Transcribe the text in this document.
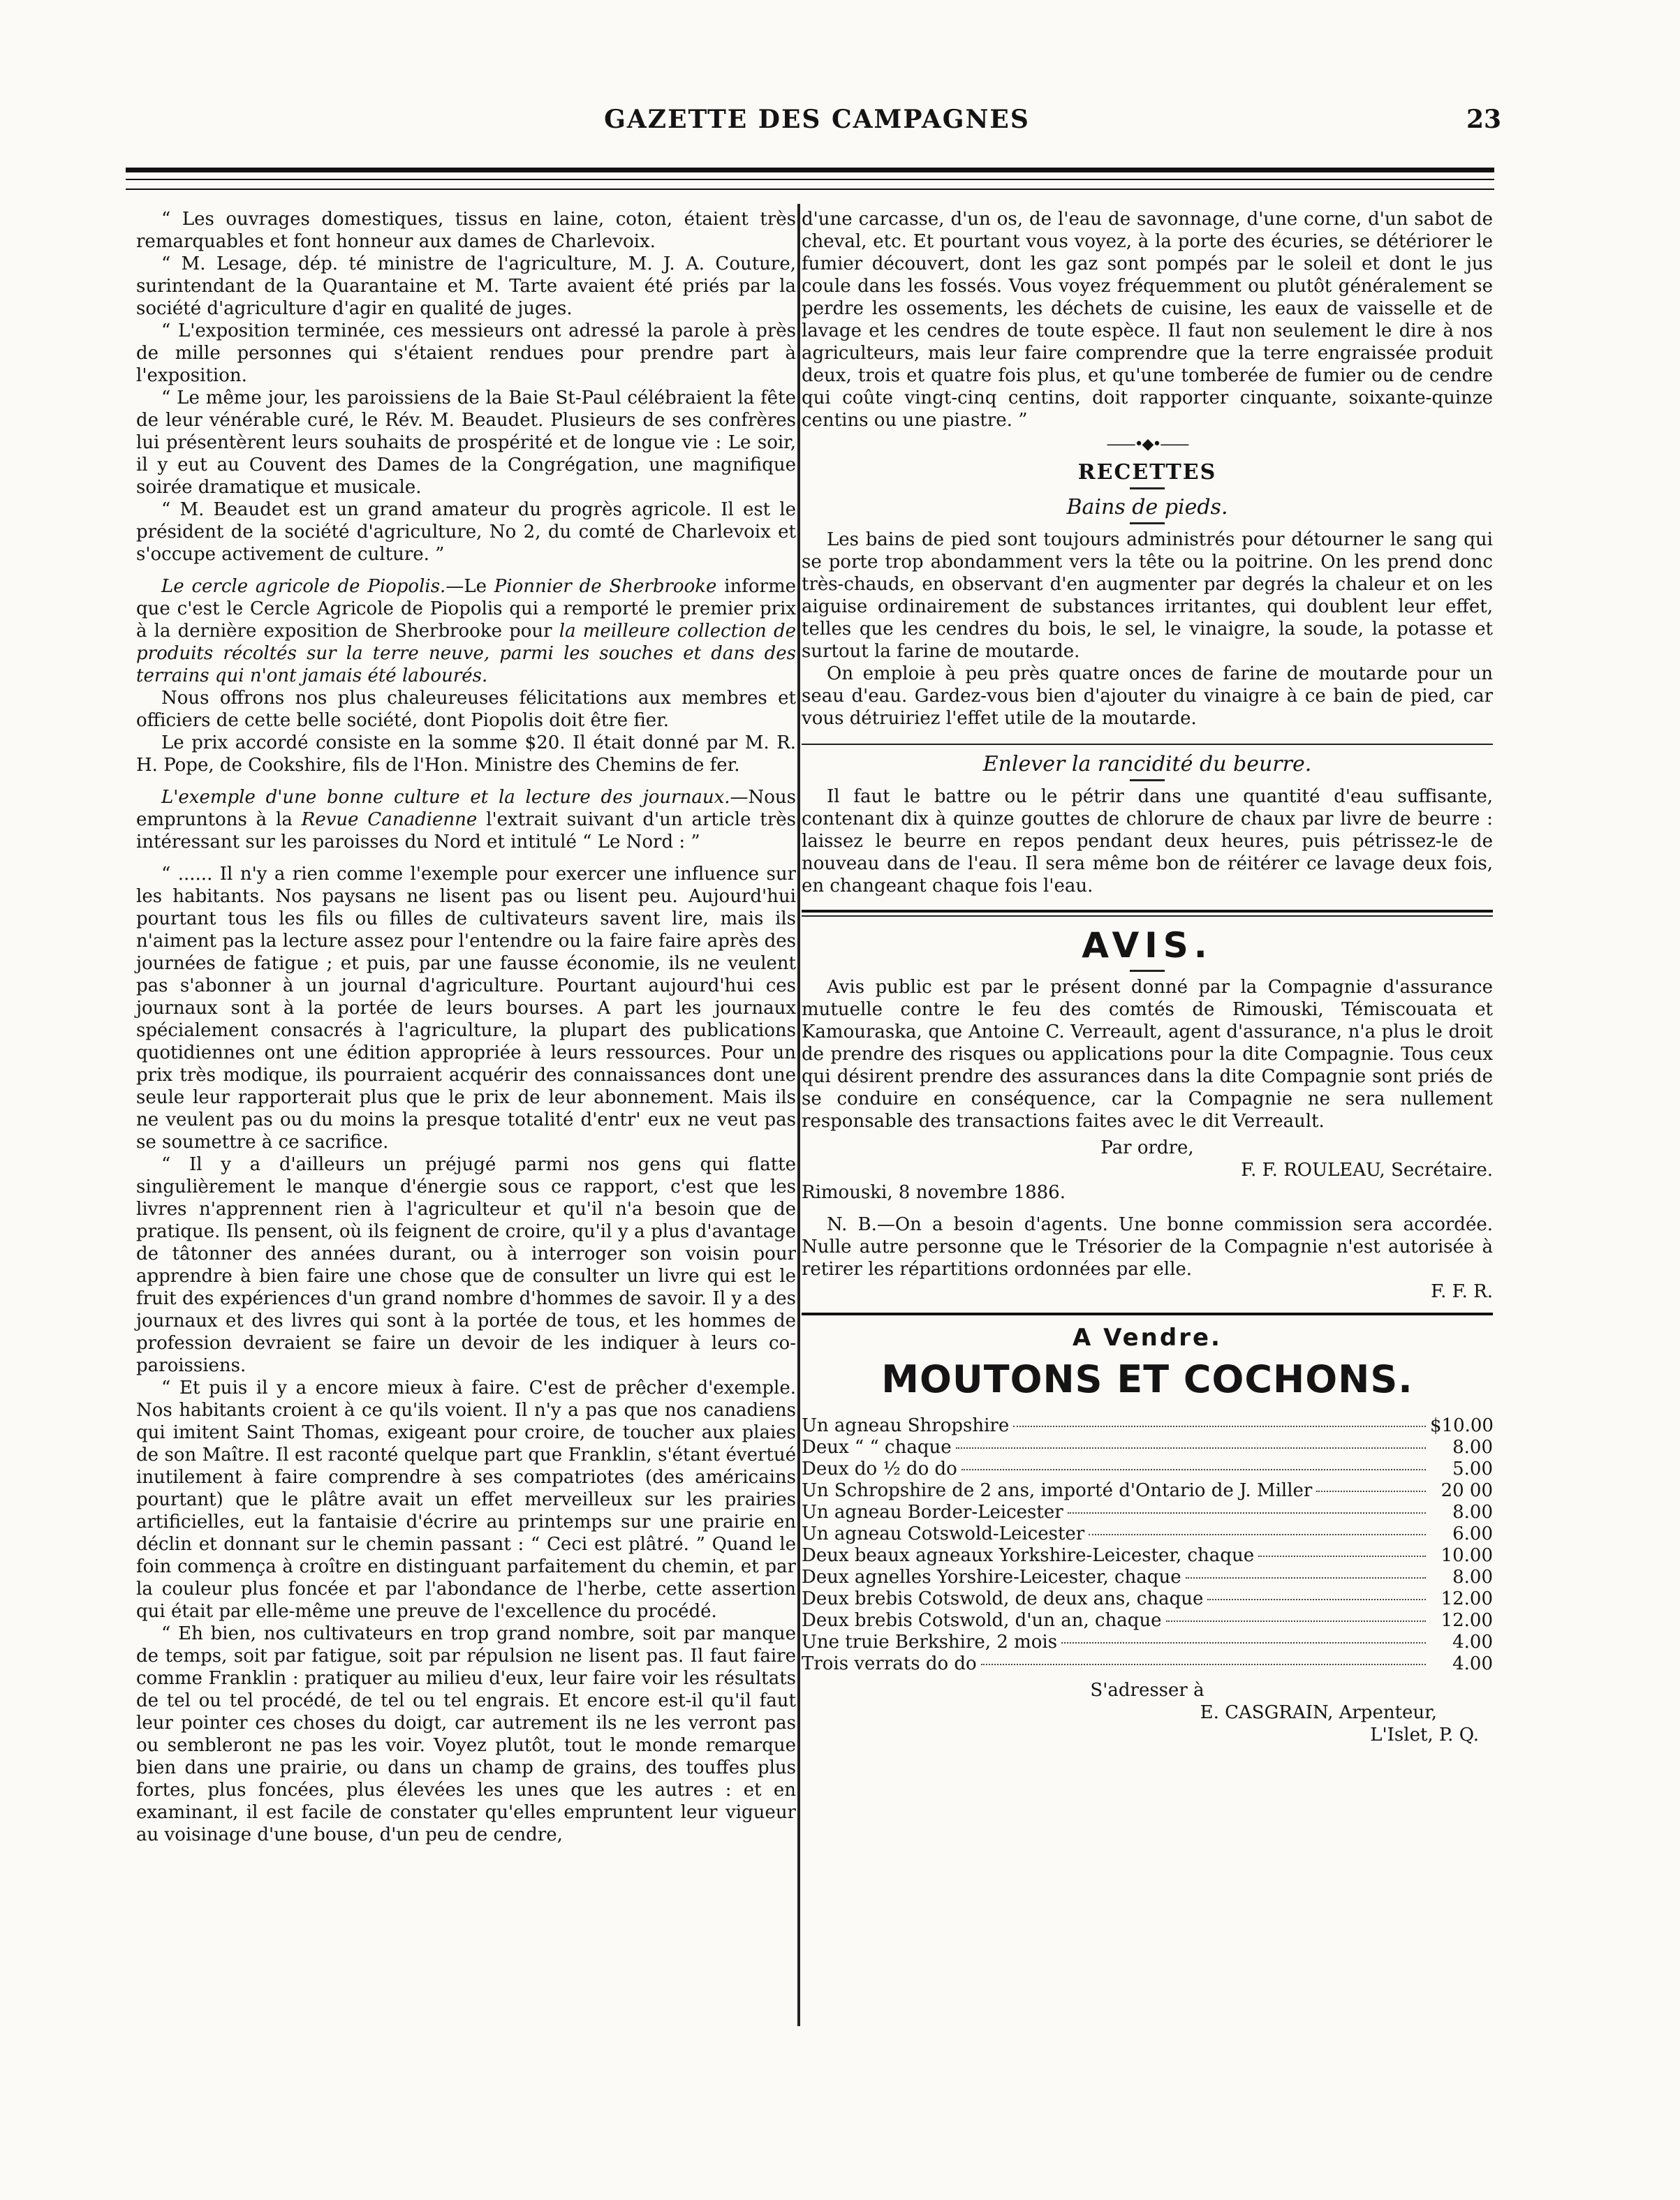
GAZETTE DES CAMPAGNES	23

“ Les ouvrages domestiques, tissus en laine, coton, étaient très remarquables et font honneur aux dames de Charlevoix.

“ M. Lesage, dép. té ministre de l'agriculture, M. J. A. Couture, surintendant de la Quarantaine et M. Tarte avaient été priés par la société d'agriculture d'agir en qualité de juges.

“ L'exposition terminée, ces messieurs ont adressé la parole à près de mille personnes qui s'étaient rendues pour prendre part à l'exposition.

“ Le même jour, les paroissiens de la Baie St-Paul célébraient la fête de leur vénérable curé, le Rév. M. Beaudet. Plusieurs de ses confrères lui présentèrent leurs souhaits de prospérité et de longue vie : Le soir, il y eut au Couvent des Dames de la Congrégation, une magnifique soirée dramatique et musicale.

“ M. Beaudet est un grand amateur du progrès agricole. Il est le président de la société d'agriculture, No 2, du comté de Charlevoix et s'occupe activement de culture. ”

Le cercle agricole de Piopolis.—Le Pionnier de Sherbrooke informe que c'est le Cercle Agricole de Piopolis qui a remporté le premier prix à la dernière exposition de Sherbrooke pour la meilleure collection de produits récoltés sur la terre neuve, parmi les souches et dans des terrains qui n'ont jamais été labourés.

Nous offrons nos plus chaleureuses félicitations aux membres et officiers de cette belle société, dont Piopolis doit être fier.

Le prix accordé consiste en la somme $20. Il était donné par M. R. H. Pope, de Cookshire, fils de l'Hon. Ministre des Chemins de fer.

L'exemple d'une bonne culture et la lecture des journaux.—Nous empruntons à la Revue Canadienne l'extrait suivant d'un article très intéressant sur les paroisses du Nord et intitulé “ Le Nord : ”

“ ...... Il n'y a rien comme l'exemple pour exercer une influence sur les habitants. Nos paysans ne lisent pas ou lisent peu. Aujourd'hui pourtant tous les fils ou filles de cultivateurs savent lire, mais ils n'aiment pas la lecture assez pour l'entendre ou la faire faire après des journées de fatigue ; et puis, par une fausse économie, ils ne veulent pas s'abonner à un journal d'agriculture. Pourtant aujourd'hui ces journaux sont à la portée de leurs bourses. A part les journaux spécialement consacrés à l'agriculture, la plupart des publications quotidiennes ont une édition appropriée à leurs ressources. Pour un prix très modique, ils pourraient acquérir des connaissances dont une seule leur rapporterait plus que le prix de leur abonnement. Mais ils ne veulent pas ou du moins la presque totalité d'entr' eux ne veut pas se soumettre à ce sacrifice.

“ Il y a d'ailleurs un préjugé parmi nos gens qui flatte singulièrement le manque d'énergie sous ce rapport, c'est que les livres n'apprennent rien à l'agriculteur et qu'il n'a besoin que de pratique. Ils pensent, où ils feignent de croire, qu'il y a plus d'avantage de tâtonner des années durant, ou à interroger son voisin pour apprendre à bien faire une chose que de consulter un livre qui est le fruit des expériences d'un grand nombre d'hommes de savoir. Il y a des journaux et des livres qui sont à la portée de tous, et les hommes de profession devraient se faire un devoir de les indiquer à leurs co-paroissiens.

“ Et puis il y a encore mieux à faire. C'est de prêcher d'exemple. Nos habitants croient à ce qu'ils voient. Il n'y a pas que nos canadiens qui imitent Saint Thomas, exigeant pour croire, de toucher aux plaies de son Maître. Il est raconté quelque part que Franklin, s'étant évertué inutilement à faire comprendre à ses compatriotes (des américains pourtant) que le plâtre avait un effet merveilleux sur les prairies artificielles, eut la fantaisie d'écrire au printemps sur une prairie en déclin et donnant sur le chemin passant : “ Ceci est plâtré. ” Quand le foin commença à croître en distinguant parfaitement du chemin, et par la couleur plus foncée et par l'abondance de l'herbe, cette assertion qui était par elle-même une preuve de l'excellence du procédé.

“ Eh bien, nos cultivateurs en trop grand nombre, soit par manque de temps, soit par fatigue, soit par répulsion ne lisent pas. Il faut faire comme Franklin : pratiquer au milieu d'eux, leur faire voir les résultats de tel ou tel procédé, de tel ou tel engrais. Et encore est-il qu'il faut leur pointer ces choses du doigt, car autrement ils ne les verront pas ou sembleront ne pas les voir. Voyez plutôt, tout le monde remarque bien dans une prairie, ou dans un champ de grains, des touffes plus fortes, plus foncées, plus élevées les unes que les autres : et en examinant, il est facile de constater qu'elles empruntent leur vigueur au voisinage d'une bouse, d'un peu de cendre,

d'une carcasse, d'un os, de l'eau de savonnage, d'une corne, d'un sabot de cheval, etc. Et pourtant vous voyez, à la porte des écuries, se détériorer le fumier découvert, dont les gaz sont pompés par le soleil et dont le jus coule dans les fossés. Vous voyez fréquemment ou plutôt généralement se perdre les ossements, les déchets de cuisine, les eaux de vaisselle et de lavage et les cendres de toute espèce. Il faut non seulement le dire à nos agriculteurs, mais leur faire comprendre que la terre engraissée produit deux, trois et quatre fois plus, et qu'une tomberée de fumier ou de cendre qui coûte vingt-cinq centins, doit rapporter cinquante, soixante-quinze centins ou une piastre. ”

——•◆•——
RECETTES
Bains de pieds.

Les bains de pied sont toujours administrés pour détourner le sang qui se porte trop abondamment vers la tête ou la poitrine. On les prend donc très-chauds, en observant d'en augmenter par degrés la chaleur et on les aiguise ordinairement de substances irritantes, qui doublent leur effet, telles que les cendres du bois, le sel, le vinaigre, la soude, la potasse et surtout la farine de moutarde.

On emploie à peu près quatre onces de farine de moutarde pour un seau d'eau. Gardez-vous bien d'ajouter du vinaigre à ce bain de pied, car vous détruiriez l'effet utile de la moutarde.

Enlever la rancidité du beurre.

Il faut le battre ou le pétrir dans une quantité d'eau suffisante, contenant dix à quinze gouttes de chlorure de chaux par livre de beurre : laissez le beurre en repos pendant deux heures, puis pétrissez-le de nouveau dans de l'eau. Il sera même bon de réitérer ce lavage deux fois, en changeant chaque fois l'eau.

AVIS.

Avis public est par le présent donné par la Compagnie d'assurance mutuelle contre le feu des comtés de Rimouski, Témiscouata et Kamouraska, que Antoine C. Verreault, agent d'assurance, n'a plus le droit de prendre des risques ou applications pour la dite Compagnie. Tous ceux qui désirent prendre des assurances dans la dite Compagnie sont priés de se conduire en conséquence, car la Compagnie ne sera nullement responsable des transactions faites avec le dit Verreault.

Par ordre,
F. F. ROULEAU, Secrétaire.

Rimouski, 8 novembre 1886.

N. B.—On a besoin d'agents. Une bonne commission sera accordée. Nulle autre personne que le Trésorier de la Compagnie n'est autorisée à retirer les répartitions ordonnées par elle.

F. F. R.
A Vendre.
MOUTONS ET COCHONS.
Un agneau Shropshire	$10.00
Deux “ “ chaque	8.00
Deux do ½ do do	5.00
Un Schropshire de 2 ans, importé d'Ontario de J. Miller	20 00
Un agneau Border-Leicester	8.00
Un agneau Cotswold-Leicester	6.00
Deux beaux agneaux Yorkshire-Leicester, chaque	10.00
Deux agnelles Yorshire-Leicester, chaque	8.00
Deux brebis Cotswold, de deux ans, chaque	12.00
Deux brebis Cotswold, d'un an, chaque	12.00
Une truie Berkshire, 2 mois	4.00
Trois verrats do do	4.00
S'adresser à
E. CASGRAIN, Arpenteur,
L'Islet, P. Q.
